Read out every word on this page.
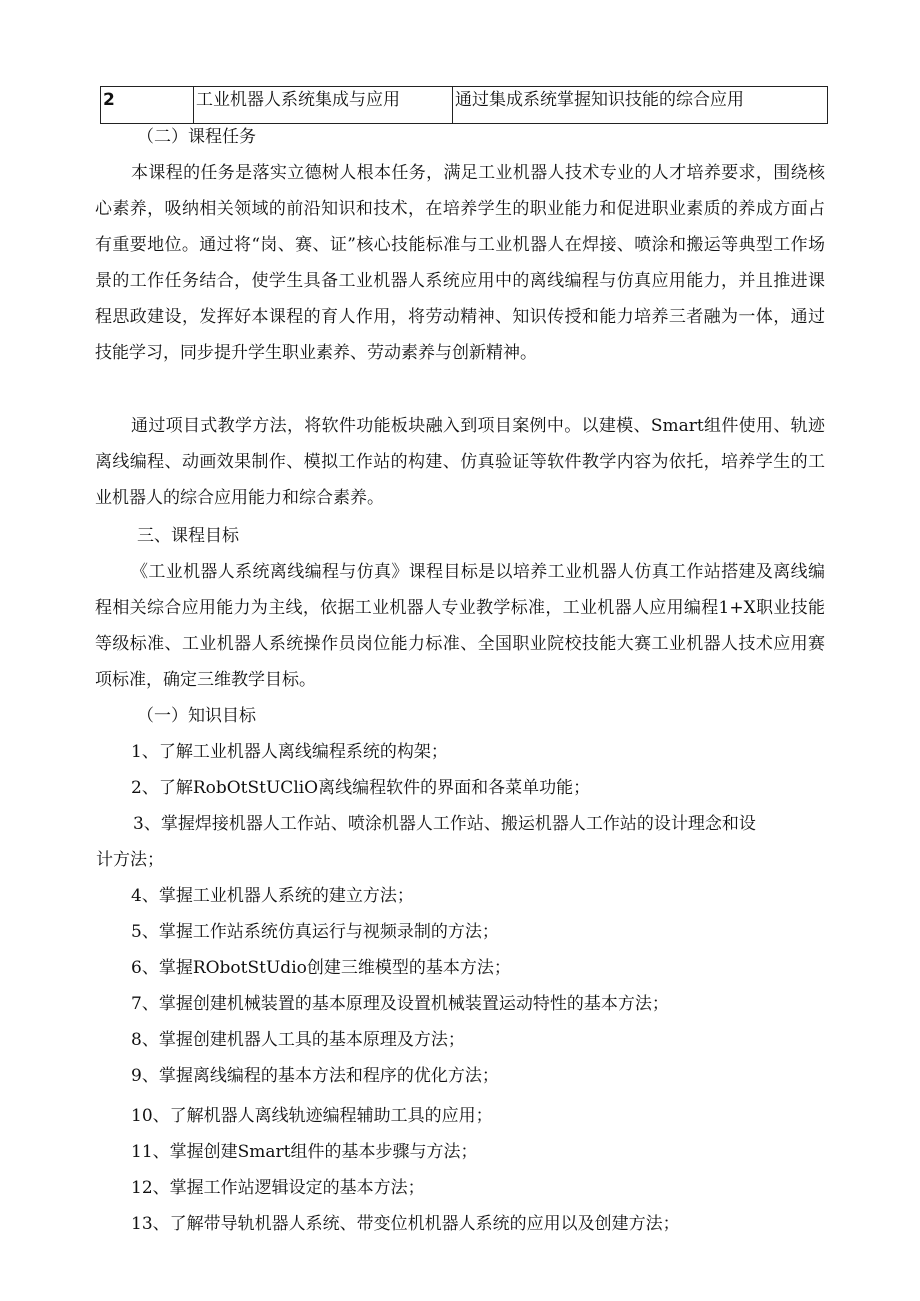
2	工业机器人系统集成与应用	通过集成系统掌握知识技能的综合应用
（二）课程任务
本课程的任务是落实立德树人根本任务，满足工业机器人技术专业的人才培养要求，围绕核心素养，吸纳相关领域的前沿知识和技术，在培养学生的职业能力和促进职业素质的养成方面占有重要地位。通过将“岗、赛、证”核心技能标准与工业机器人在焊接、喷涂和搬运等典型工作场景的工作任务结合，使学生具备工业机器人系统应用中的离线编程与仿真应用能力，并且推进课程思政建设，发挥好本课程的育人作用，将劳动精神、知识传授和能力培养三者融为一体，通过技能学习，同步提升学生职业素养、劳动素养与创新精神。
通过项目式教学方法，将软件功能板块融入到项目案例中。以建模、Smart组件使用、轨迹离线编程、动画效果制作、模拟工作站的构建、仿真验证等软件教学内容为依托，培养学生的工业机器人的综合应用能力和综合素养。
三、课程目标
《工业机器人系统离线编程与仿真》课程目标是以培养工业机器人仿真工作站搭建及离线编程相关综合应用能力为主线，依据工业机器人专业教学标准，工业机器人应用编程1+X职业技能等级标准、工业机器人系统操作员岗位能力标准、全国职业院校技能大赛工业机器人技术应用赛项标准，确定三维教学目标。
（一）知识目标
1、了解工业机器人离线编程系统的构架；
2、了解RobOtStUCliO离线编程软件的界面和各菜单功能；
3、掌握焊接机器人工作站、喷涂机器人工作站、搬运机器人工作站的设计理念和设
计方法；
4、掌握工业机器人系统的建立方法；
5、掌握工作站系统仿真运行与视频录制的方法；
6、掌握RObotStUdio创建三维模型的基本方法；
7、掌握创建机械装置的基本原理及设置机械装置运动特性的基本方法；
8、掌握创建机器人工具的基本原理及方法；
9、掌握离线编程的基本方法和程序的优化方法；
10、了解机器人离线轨迹编程辅助工具的应用；
11、掌握创建Smart组件的基本步骤与方法；
12、掌握工作站逻辑设定的基本方法；
13、了解带导轨机器人系统、带变位机机器人系统的应用以及创建方法；
